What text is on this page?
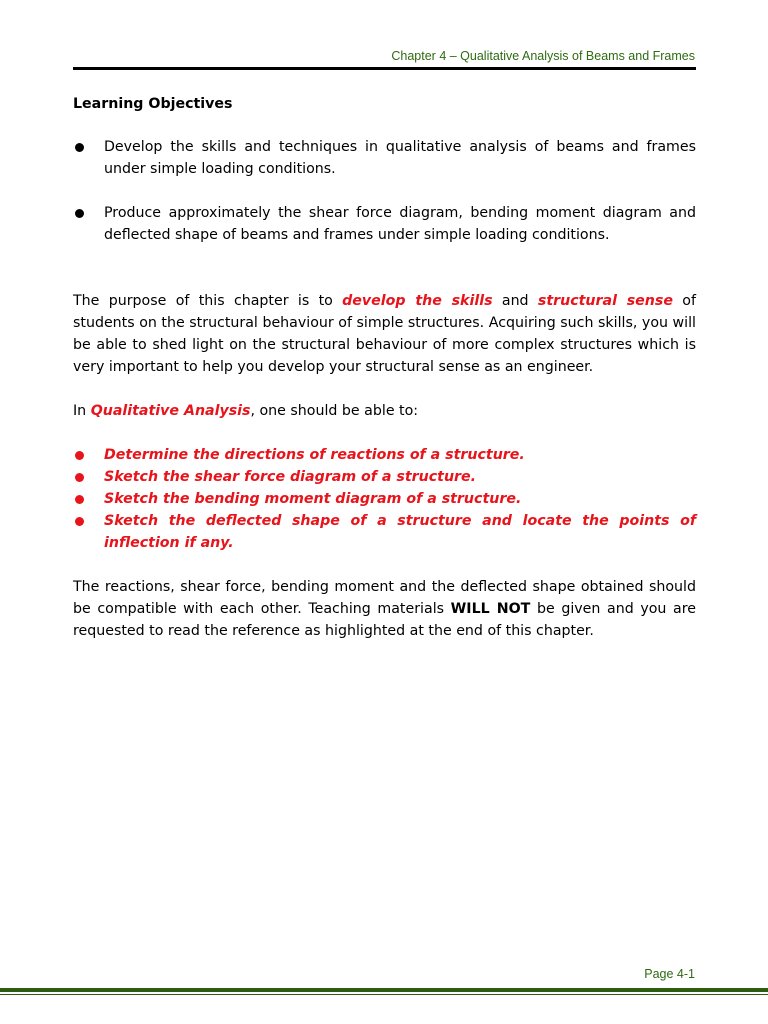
Chapter 4 – Qualitative Analysis of Beams and Frames
Learning Objectives
Develop the skills and techniques in qualitative analysis of beams and frames under simple loading conditions.
Produce approximately the shear force diagram, bending moment diagram and deflected shape of beams and frames under simple loading conditions.

The purpose of this chapter is to develop the skills and structural sense of students on the structural behaviour of simple structures. Acquiring such skills, you will be able to shed light on the structural behaviour of more complex structures which is very important to help you develop your structural sense as an engineer.

In Qualitative Analysis, one should be able to:

Determine the directions of reactions of a structure.
Sketch the shear force diagram of a structure.
Sketch the bending moment diagram of a structure.
Sketch the deflected shape of a structure and locate the points of inflection if any.

The reactions, shear force, bending moment and the deflected shape obtained should be compatible with each other. Teaching materials WILL NOT be given and you are requested to read the reference as highlighted at the end of this chapter.

Page 4-1
